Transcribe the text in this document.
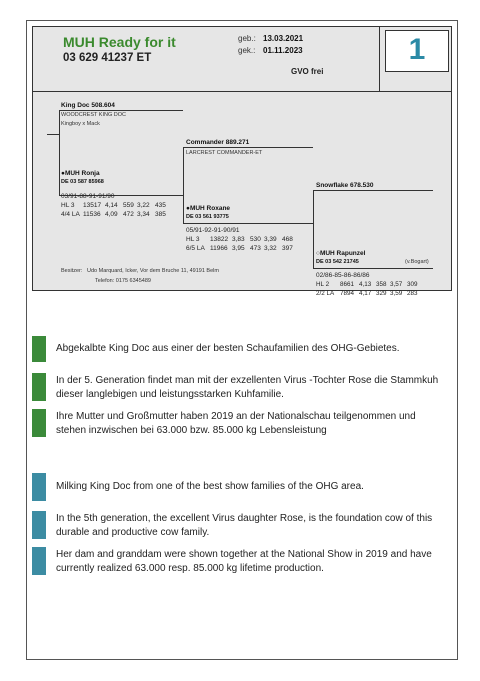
MUH Ready for it
03 629 41237 ET
geb.: 13.03.2021
gek.: 01.11.2023
GVO frei
1
King Doc 508.604
WOODCREST KING DOC
Kingboy x Mack
●MUH Ronja
DE 03 587 85968
03/91-88-91-91/90
HL 3 13517 4,14 559 3,22 435
4/4 LA 11536 4,09 472 3,34 385
Commander 889.271
LARCREST COMMANDER-ET
●MUH Roxane
DE 03 561 93775
05/91-92-91-90/91
HL 3 13822 3,83 530 3,39 468
6/5 LA 11966 3,95 473 3,32 397
Snowflake 678.530
○MUH Rapunzel
DE 03 542 21745	(v.Bogart)
02/86-85-86-86/86
HL 2 8661 4,13 358 3,57 309
2/2 LA 7894 4,17 329 3,59 283
Besitzer: Udo Marquard, Icker, Vor dem Bruche 11, 49191 Belm
Telefon: 0175 6345489
Abgekalbte King Doc aus einer der besten Schaufamilien des OHG-Gebietes.
In der 5. Generation findet man mit der exzellenten Virus -Tochter Rose die Stammkuh dieser langlebigen und leistungsstarken Kuhfamilie.
Ihre Mutter und Großmutter haben 2019 an der Nationalschau teilgenommen und stehen inzwischen bei 63.000 bzw. 85.000 kg Lebensleistung
Milking King Doc from one of the best show families of the OHG area.
In the 5th generation, the excellent Virus daughter Rose, is the foundation cow of this durable and productive cow family.
Her dam and granddam were shown together at the National Show in 2019 and have currently realized 63.000 resp. 85.000 kg lifetime production.
